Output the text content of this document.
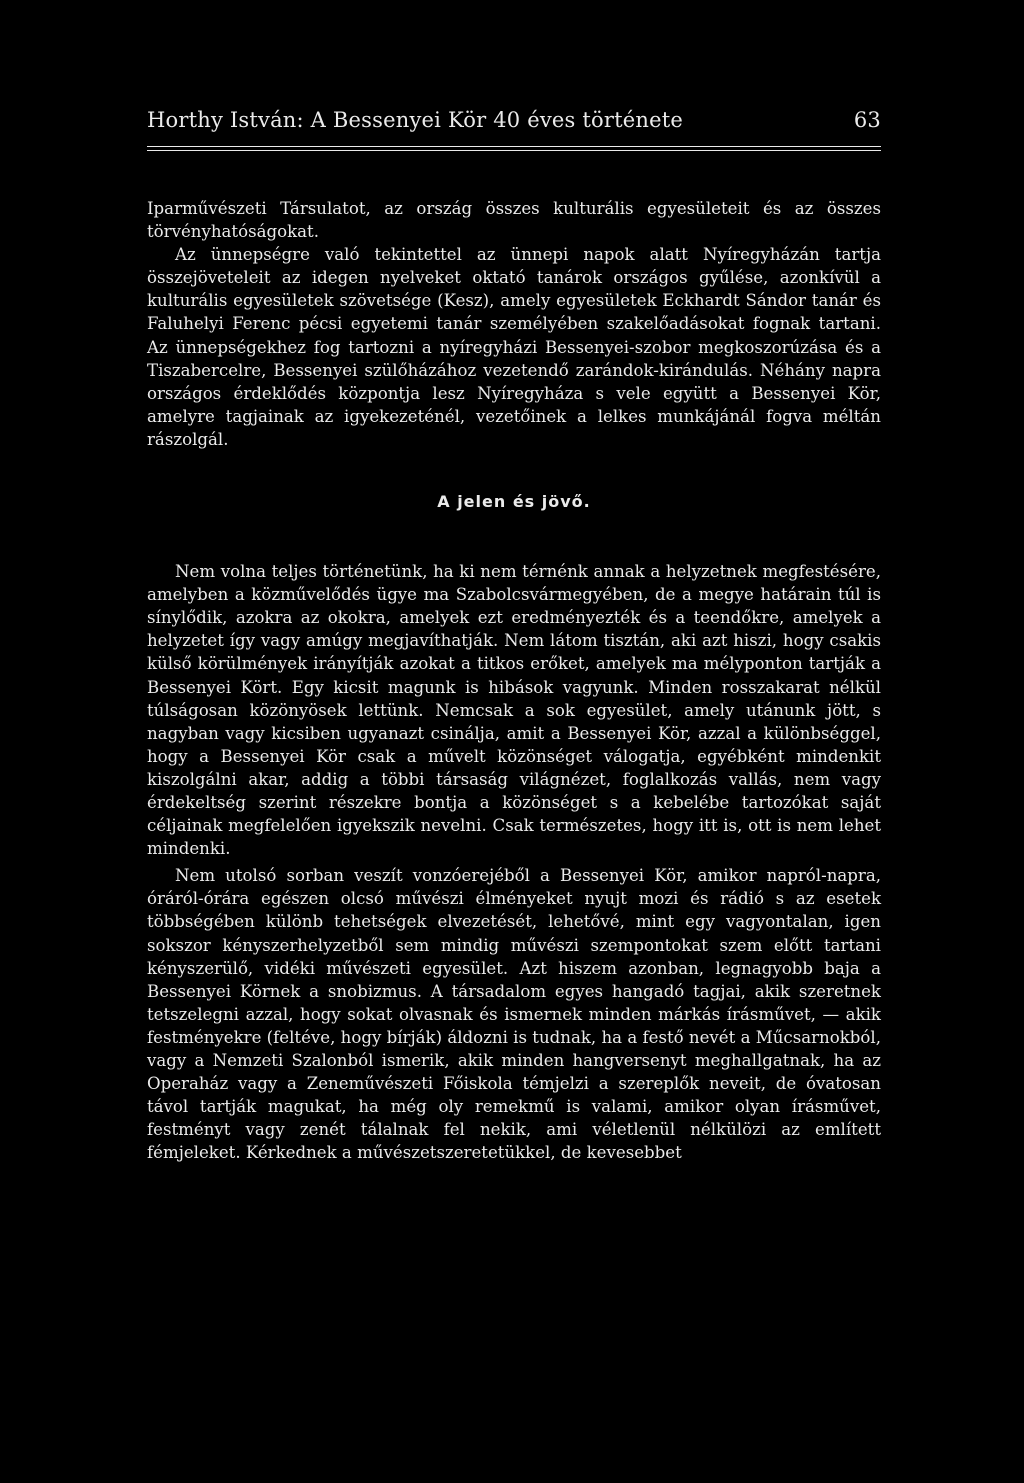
Horthy István: A Bessenyei Kör 40 éves története	63

Iparművészeti Társulatot, az ország összes kulturális egyesületeit és az összes törvényhatóságokat.

Az ünnepségre való tekintettel az ünnepi napok alatt Nyíregyházán tartja összejöveteleit az idegen nyelveket oktató tanárok országos gyűlése, azonkívül a kulturális egyesületek szövetsége (Kesz), amely egyesületek Eckhardt Sándor tanár és Faluhelyi Ferenc pécsi egyetemi tanár személyében szakelőadásokat fognak tartani. Az ünnepségekhez fog tartozni a nyíregyházi Bessenyei-szobor megkoszorúzása és a Tiszabercelre, Bessenyei szülőházához vezetendő zarándok-kirándulás. Néhány napra országos érdeklődés központja lesz Nyíregyháza s vele együtt a Bessenyei Kör, amelyre tagjainak az igyekezeténél, vezetőinek a lelkes munkájánál fogva méltán rászolgál.

A jelen és jövő.

Nem volna teljes történetünk, ha ki nem térnénk annak a helyzetnek megfestésére, amelyben a közművelődés ügye ma Szabolcsvármegyében, de a megye határain túl is sínylődik, azokra az okokra, amelyek ezt eredményezték és a teendőkre, amelyek a helyzetet így vagy amúgy megjavíthatják. Nem látom tisztán, aki azt hiszi, hogy csakis külső körülmények irányítják azokat a titkos erőket, amelyek ma mélyponton tartják a Bessenyei Kört. Egy kicsit magunk is hibások vagyunk. Minden rosszakarat nélkül túlságosan közönyösek lettünk. Nemcsak a sok egyesület, amely utánunk jött, s nagyban vagy kicsiben ugyanazt csinálja, amit a Bessenyei Kör, azzal a különbséggel, hogy a Bessenyei Kör csak a művelt közönséget válogatja, egyébként mindenkit kiszolgálni akar, addig a többi társaság világnézet, foglalkozás vallás, nem vagy érdekeltség szerint részekre bontja a közönséget s a kebelébe tartozókat saját céljainak megfelelően igyekszik nevelni. Csak természetes, hogy itt is, ott is nem lehet mindenki.

Nem utolsó sorban veszít vonzóerejéből a Bessenyei Kör, amikor napról-napra, óráról-órára egészen olcsó művészi élményeket nyujt mozi és rádió s az esetek többségében különb tehetségek elvezetését, lehetővé, mint egy vagyontalan, igen sokszor kényszerhelyzetből sem mindig művészi szempontokat szem előtt tartani kényszerülő, vidéki művészeti egyesület. Azt hiszem azonban, legnagyobb baja a Bessenyei Körnek a snobizmus. A társadalom egyes hangadó tagjai, akik szeretnek tetszelegni azzal, hogy sokat olvasnak és ismernek minden márkás írásművet, — akik festményekre (feltéve, hogy bírják) áldozni is tudnak, ha a festő nevét a Műcsarnokból, vagy a Nemzeti Szalonból ismerik, akik minden hangversenyt meghallgatnak, ha az Operaház vagy a Zeneművészeti Főiskola témjelzi a szereplők neveit, de óvatosan távol tartják magukat, ha még oly remekmű is valami, amikor olyan írásművet, festményt vagy zenét tálalnak fel nekik, ami véletlenül nélkülözi az említett fémjeleket. Kérkednek a művészetszeretetükkel, de kevesebbet
